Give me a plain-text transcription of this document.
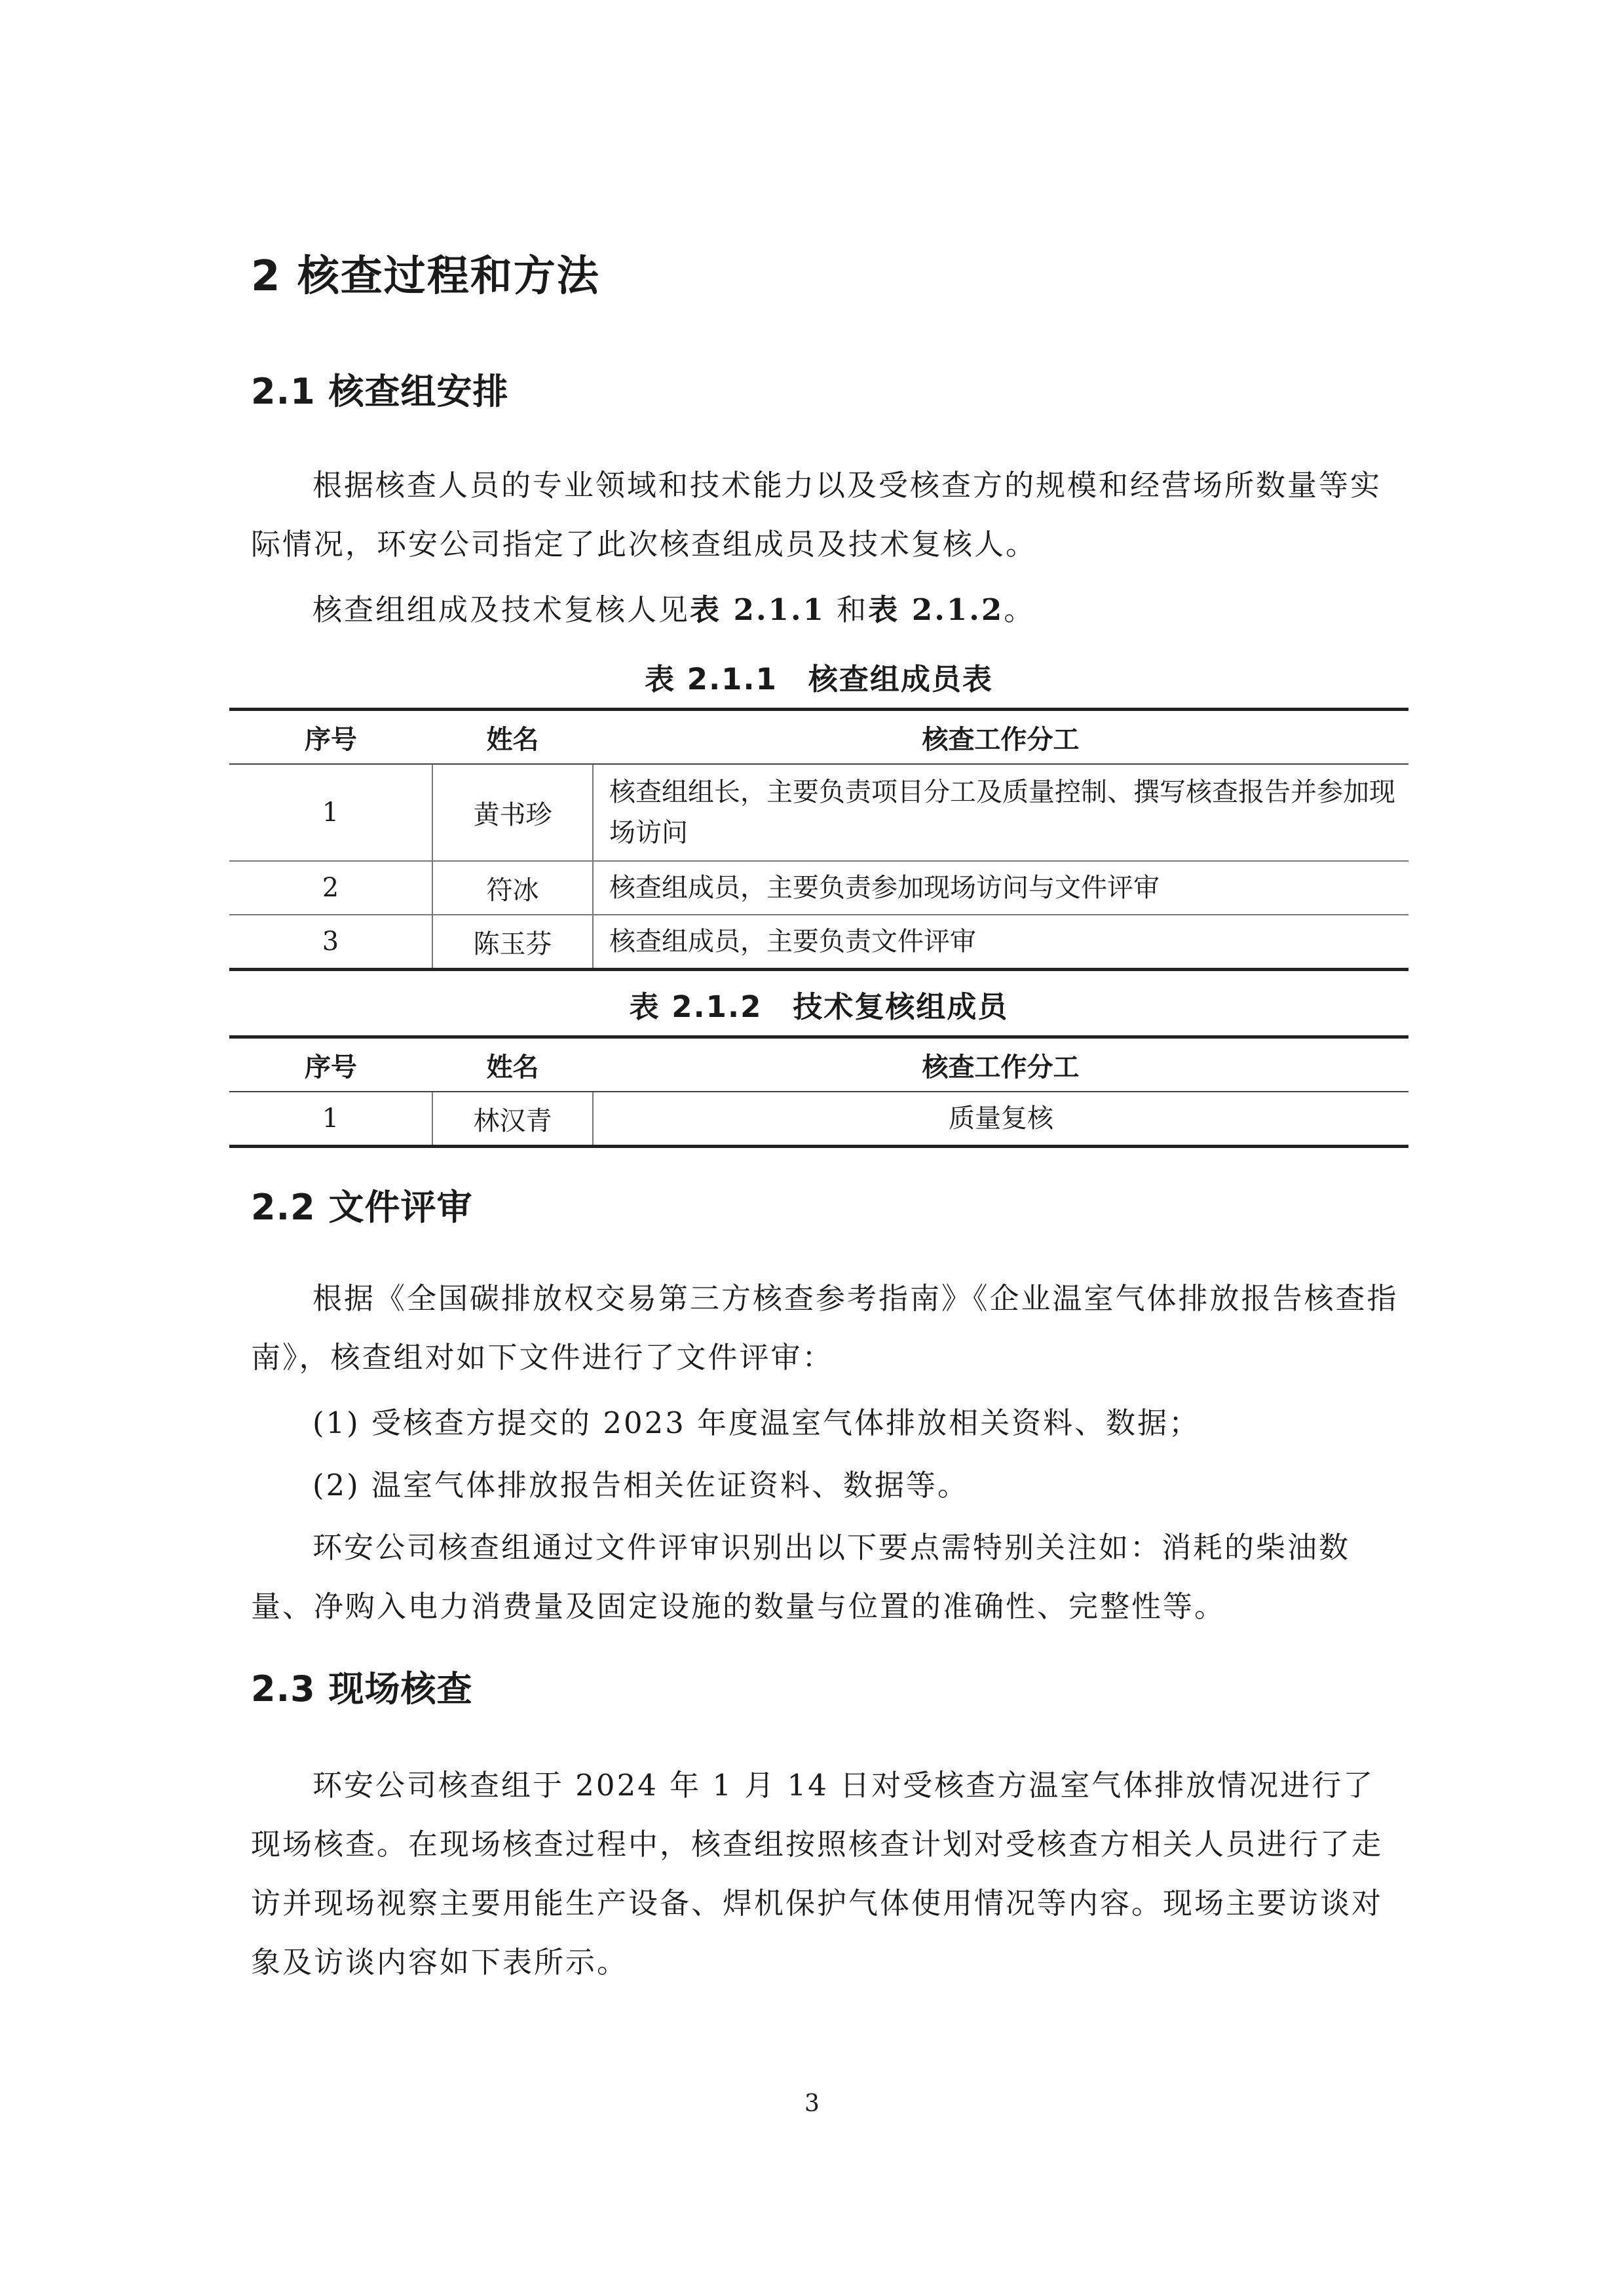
2 核查过程和方法
2.1 核查组安排

根据核查人员的专业领域和技术能力以及受核查方的规模和经营场所数量等实际情况，环安公司指定了此次核查组成员及技术复核人。

核查组组成及技术复核人见表 2.1.1 和表 2.1.2。

表 2.1.1　核查组成员表
序号	姓名	核查工作分工
1	黄书珍	核查组组长，主要负责项目分工及质量控制、撰写核查报告并参加现场访问
2	符冰	核查组成员，主要负责参加现场访问与文件评审
3	陈玉芬	核查组成员，主要负责文件评审
表 2.1.2　技术复核组成员
序号	姓名	核查工作分工
1	林汉青	质量复核
2.2 文件评审

根据《全国碳排放权交易第三方核查参考指南》《企业温室气体排放报告核查指南》，核查组对如下文件进行了文件评审：

(1) 受核查方提交的 2023 年度温室气体排放相关资料、数据；

(2) 温室气体排放报告相关佐证资料、数据等。

环安公司核查组通过文件评审识别出以下要点需特别关注如：消耗的柴油数量、净购入电力消费量及固定设施的数量与位置的准确性、完整性等。

2.3 现场核查

环安公司核查组于 2024 年 1 月 14 日对受核查方温室气体排放情况进行了现场核查。在现场核查过程中，核查组按照核查计划对受核查方相关人员进行了走访并现场视察主要用能生产设备、焊机保护气体使用情况等内容。现场主要访谈对象及访谈内容如下表所示。

3
